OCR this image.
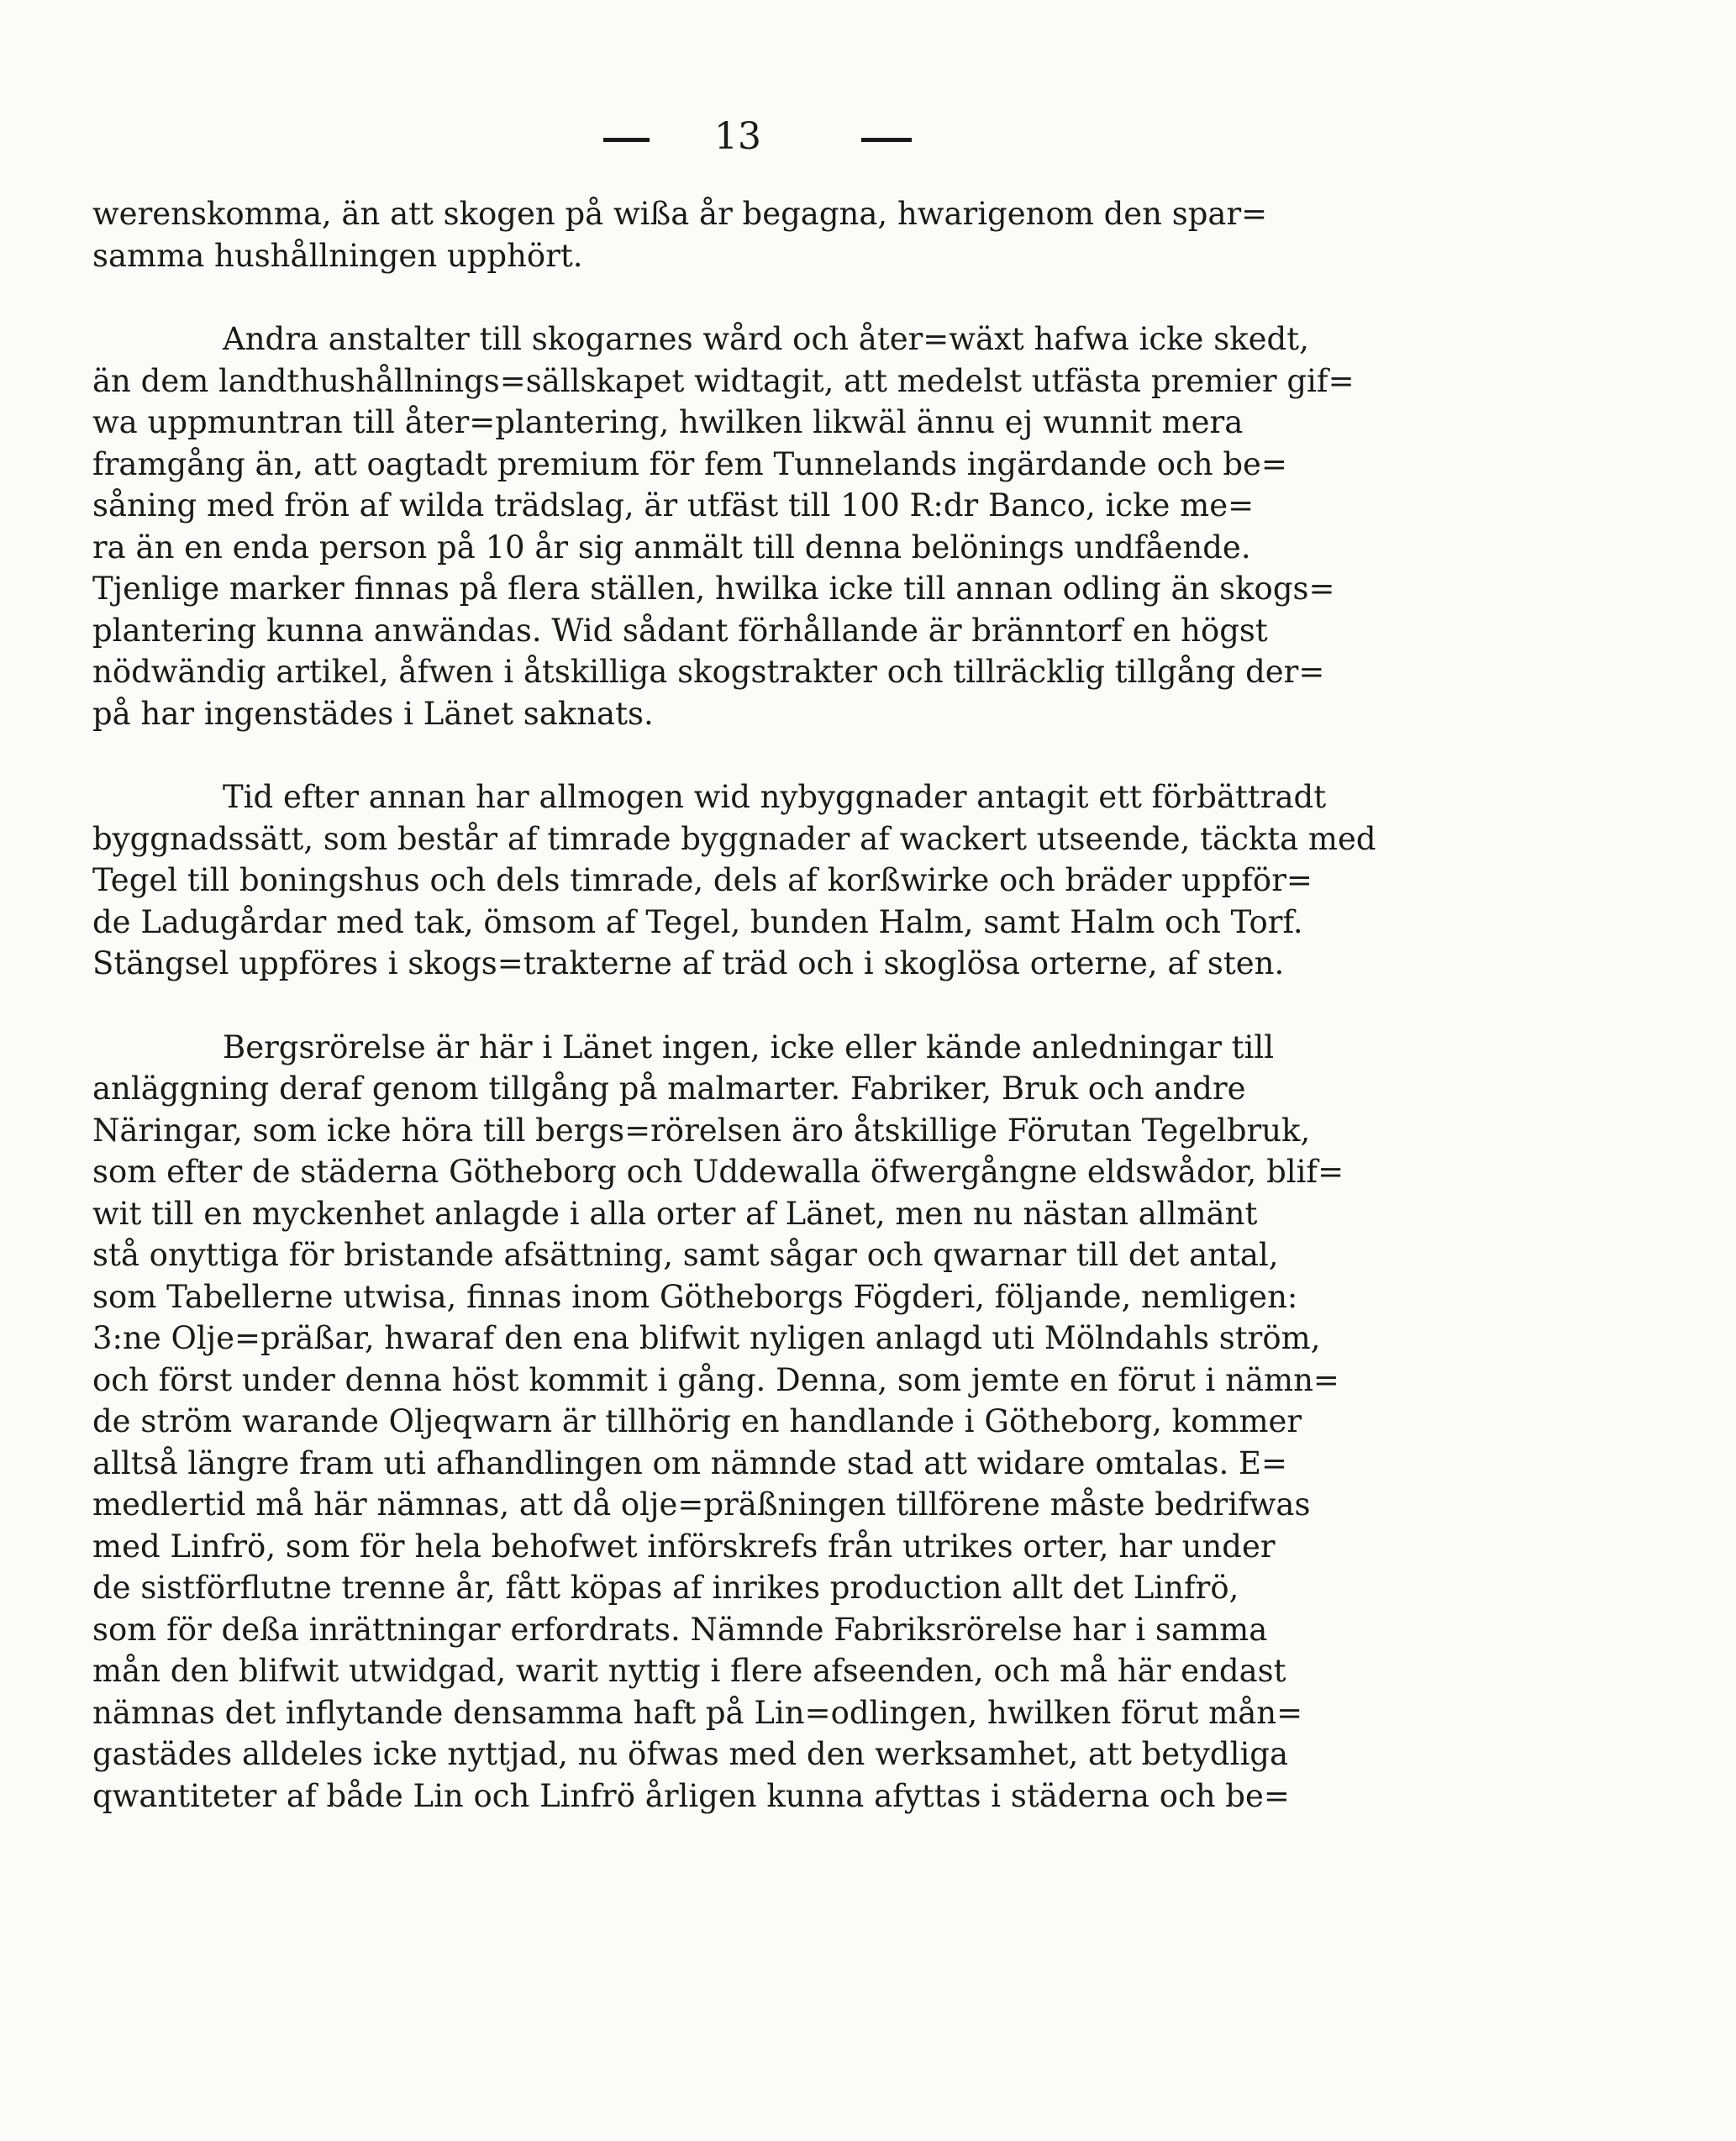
13

werenskomma, än att skogen på wißa år begagna, hwarigenom den spar=
samma hushållningen upphört.

Andra anstalter till skogarnes wård och åter=wäxt hafwa icke skedt,
än dem landthushållnings=sällskapet widtagit, att medelst utfästa premier gif=
wa uppmuntran till åter=plantering, hwilken likwäl ännu ej wunnit mera
framgång än, att oagtadt premium för fem Tunnelands ingärdande och be=
såning med frön af wilda trädslag, är utfäst till 100 R:dr Banco, icke me=
ra än en enda person på 10 år sig anmält till denna belönings undfående.
Tjenlige marker finnas på flera ställen, hwilka icke till annan odling än skogs=
plantering kunna anwändas. Wid sådant förhållande är bränntorf en högst
nödwändig artikel, åfwen i åtskilliga skogstrakter och tillräcklig tillgång der=
på har ingenstädes i Länet saknats.

Tid efter annan har allmogen wid nybyggnader antagit ett förbättradt
byggnadssätt, som består af timrade byggnader af wackert utseende, täckta med
Tegel till boningshus och dels timrade, dels af korßwirke och bräder uppför=
de Ladugårdar med tak, ömsom af Tegel, bunden Halm, samt Halm och Torf.
Stängsel uppföres i skogs=trakterne af träd och i skoglösa orterne, af sten.

Bergsrörelse är här i Länet ingen, icke eller kände anledningar till
anläggning deraf genom tillgång på malmarter. Fabriker, Bruk och andre
Näringar, som icke höra till bergs=rörelsen äro åtskillige Förutan Tegelbruk,
som efter de städerna Götheborg och Uddewalla öfwergångne eldswådor, blif=
wit till en myckenhet anlagde i alla orter af Länet, men nu nästan allmänt
stå onyttiga för bristande afsättning, samt sågar och qwarnar till det antal,
som Tabellerne utwisa, finnas inom Götheborgs Fögderi, följande, nemligen:
3:ne Olje=präßar, hwaraf den ena blifwit nyligen anlagd uti Mölndahls ström,
och först under denna höst kommit i gång. Denna, som jemte en förut i nämn=
de ström warande Oljeqwarn är tillhörig en handlande i Götheborg, kommer
alltså längre fram uti afhandlingen om nämnde stad att widare omtalas. E=
medlertid må här nämnas, att då olje=präßningen tillförene måste bedrifwas
med Linfrö, som för hela behofwet införskrefs från utrikes orter, har under
de sistförflutne trenne år, fått köpas af inrikes production allt det Linfrö,
som för deßa inrättningar erfordrats. Nämnde Fabriksrörelse har i samma
mån den blifwit utwidgad, warit nyttig i flere afseenden, och må här endast
nämnas det inflytande densamma haft på Lin=odlingen, hwilken förut mån=
gastädes alldeles icke nyttjad, nu öfwas med den werksamhet, att betydliga
qwantiteter af både Lin och Linfrö årligen kunna afyttas i städerna och be=
